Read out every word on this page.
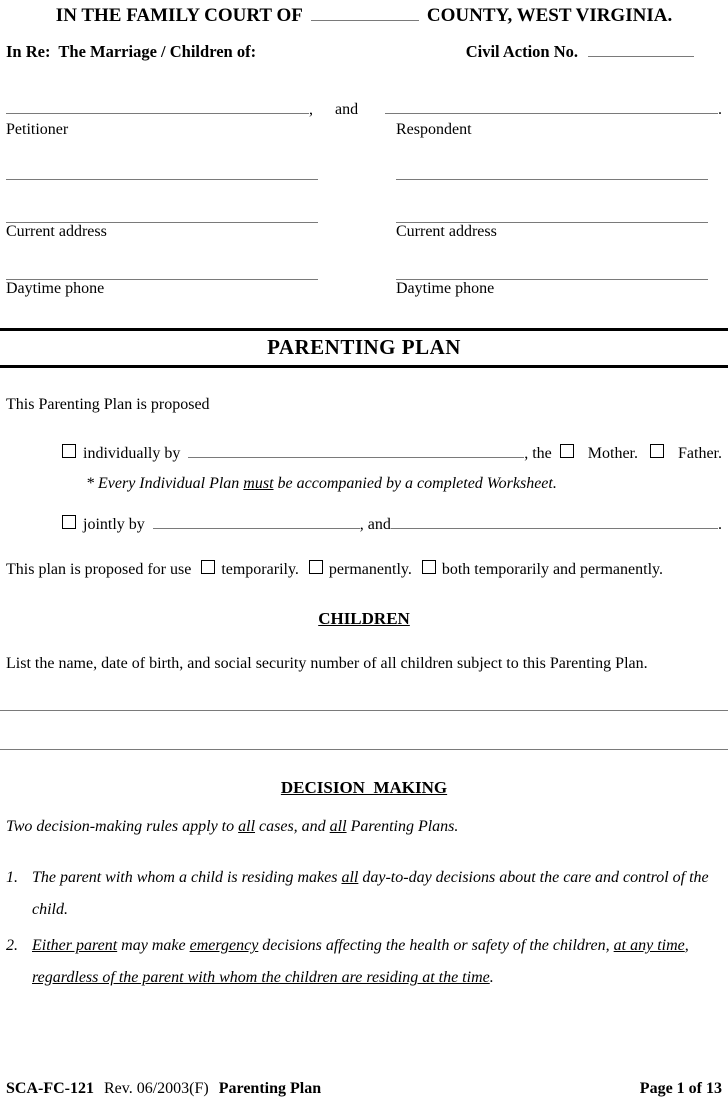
IN THE FAMILY COURT OF	COUNTY, WEST VIRGINIA.
In Re:  The Marriage / Children of:	Civil Action No.
, and	.
Petitioner
Current address
Daytime phone
Respondent
Current address
Daytime phone
PARENTING PLAN
This Parenting Plan is proposed
individually by	, the Mother.	Father.
* Every Individual Plan must be accompanied by a completed Worksheet.
jointly by	, and	.
This plan is proposed for use temporarily. permanently. both temporarily and permanently.
CHILDREN
List the name, date of birth, and social security number of all children subject to this Parenting Plan.
DECISION  MAKING
Two decision-making rules apply to all cases, and all Parenting Plans.
1. The parent with whom a child is residing makes all day-to-day decisions about the care and control of the child.
2. Either parent may make emergency decisions affecting the health or safety of the children, at any time, regardless of the parent with whom the children are residing at the time.
SCA-FC-121 Rev. 06/2003(F) Parenting Plan	Page 1 of 13
